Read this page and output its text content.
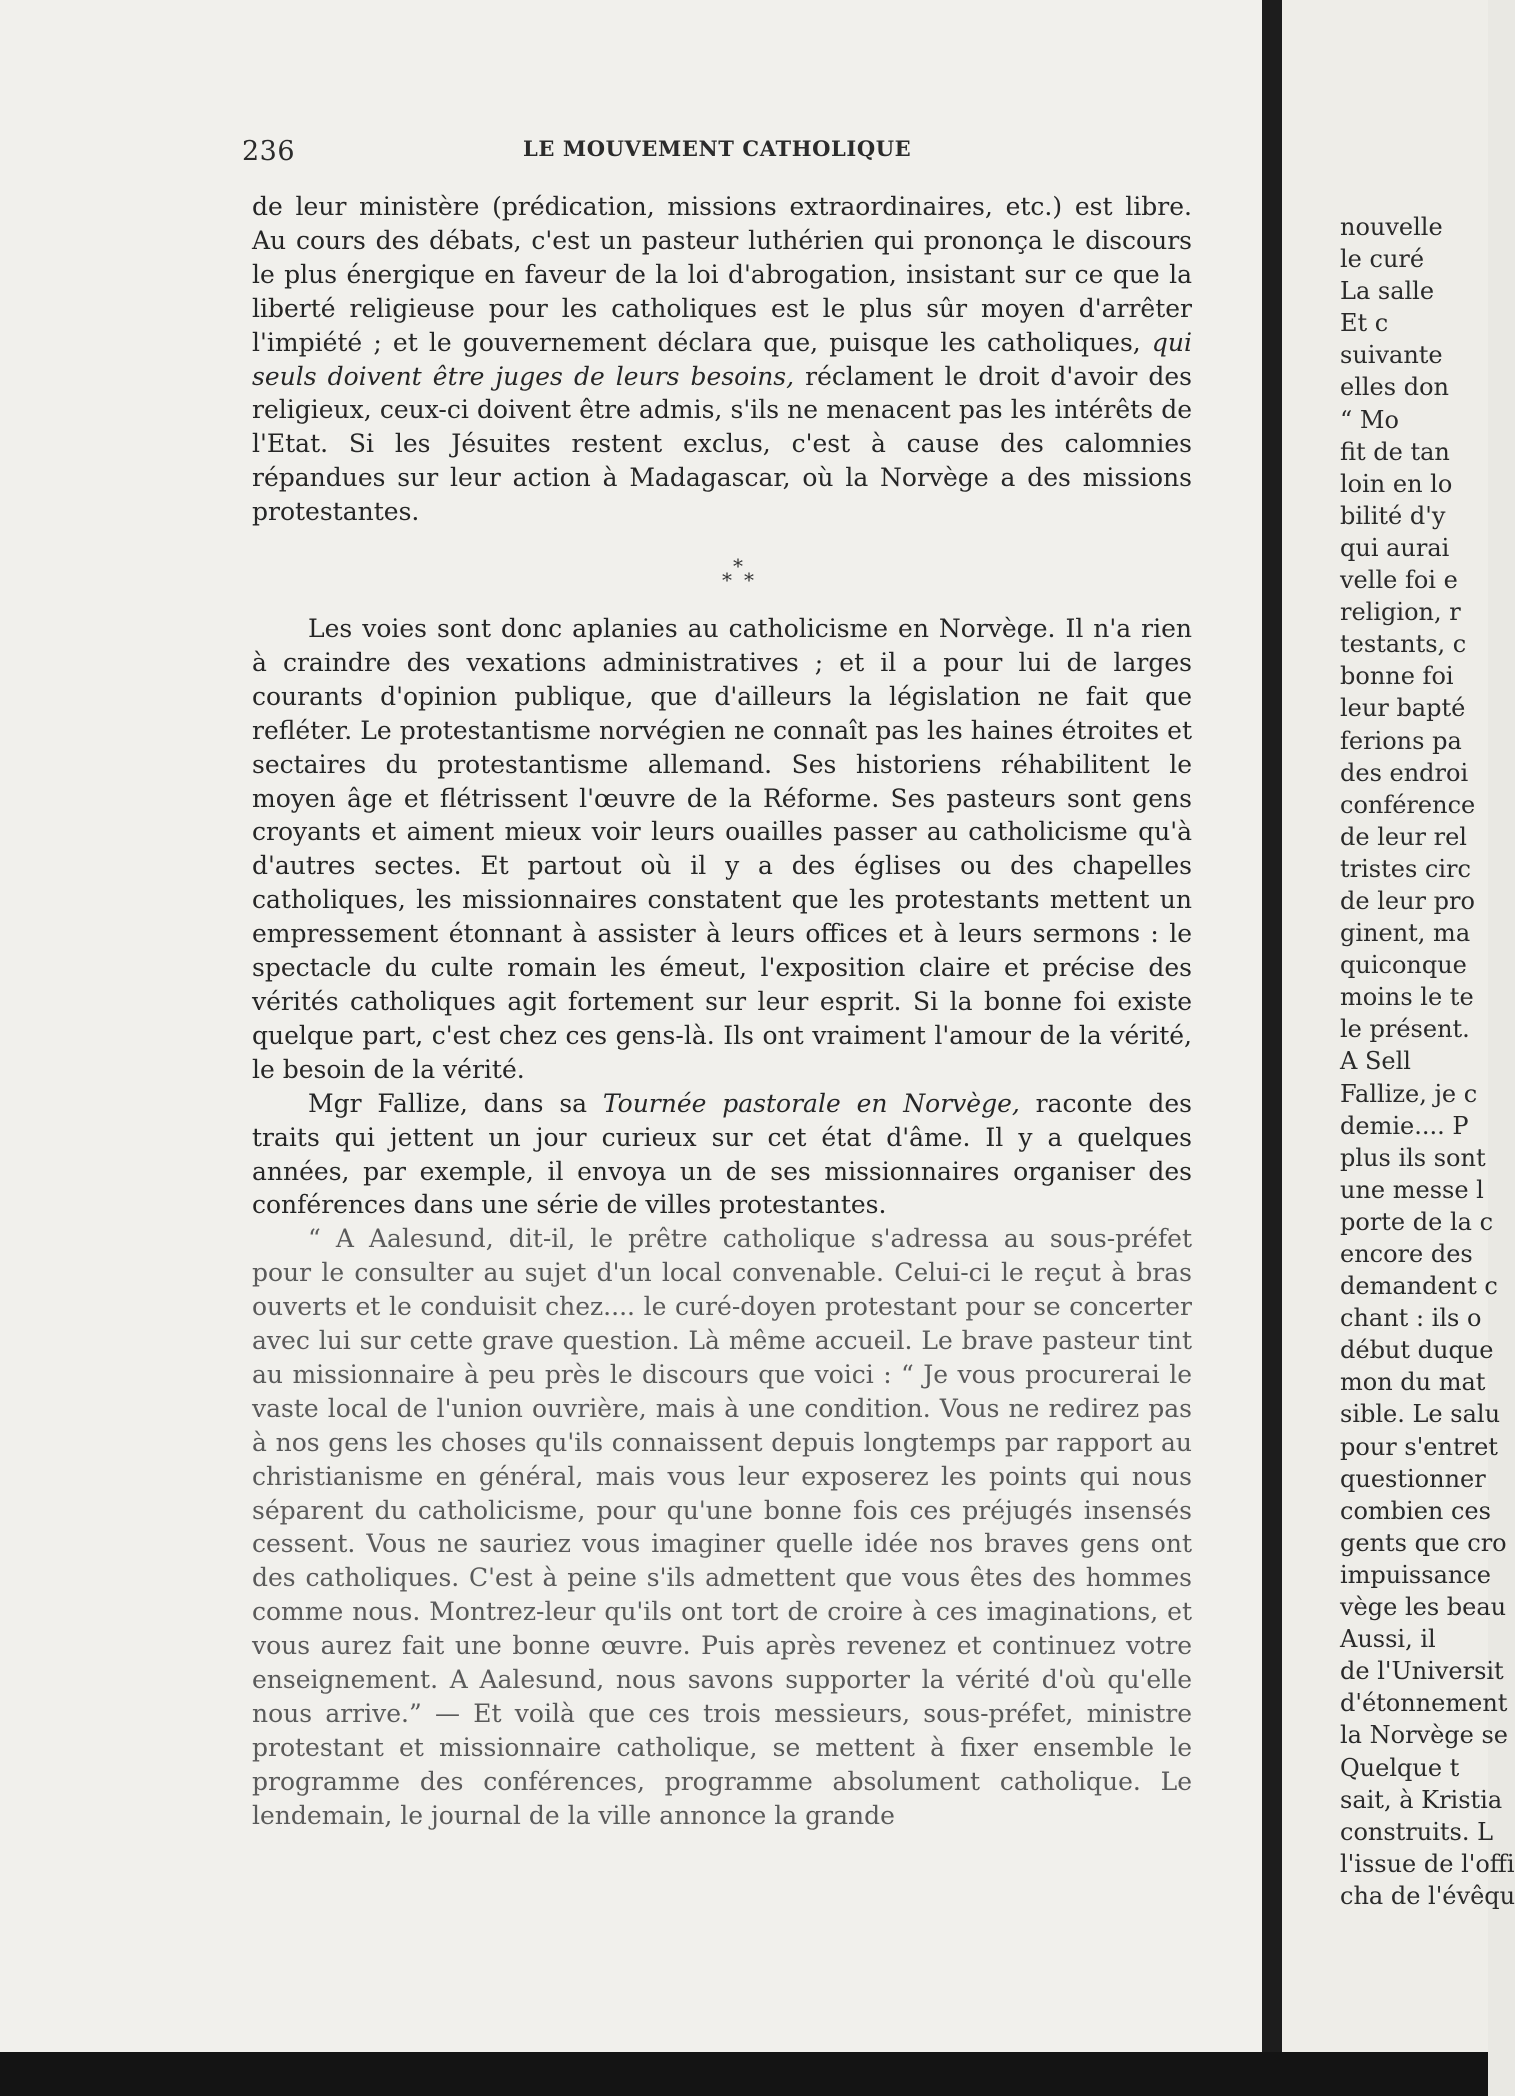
236	LE MOUVEMENT CATHOLIQUE

de leur ministère (prédication, missions extraordinaires, etc.) est libre. Au cours des débats, c'est un pasteur luthérien qui prononça le discours le plus énergique en faveur de la loi d'abrogation, insistant sur ce que la liberté religieuse pour les catholiques est le plus sûr moyen d'arrêter l'impiété ; et le gouvernement déclara que, puisque les catholiques, qui seuls doivent être juges de leurs besoins, réclament le droit d'avoir des religieux, ceux-ci doivent être admis, s'ils ne menacent pas les intérêts de l'Etat. Si les Jésuites restent exclus, c'est à cause des calomnies répandues sur leur action à Madagascar, où la Norvège a des missions protestantes.

*
* *

Les voies sont donc aplanies au catholicisme en Norvège. Il n'a rien à craindre des vexations administratives ; et il a pour lui de larges courants d'opinion publique, que d'ailleurs la législation ne fait que refléter. Le protestantisme norvégien ne connaît pas les haines étroites et sectaires du protestantisme allemand. Ses historiens réhabilitent le moyen âge et flétrissent l'œuvre de la Réforme. Ses pasteurs sont gens croyants et aiment mieux voir leurs ouailles passer au catholicisme qu'à d'autres sectes. Et partout où il y a des églises ou des chapelles catholiques, les missionnaires constatent que les protestants mettent un empressement étonnant à assister à leurs offices et à leurs sermons : le spectacle du culte romain les émeut, l'exposition claire et précise des vérités catholiques agit fortement sur leur esprit. Si la bonne foi existe quelque part, c'est chez ces gens-là. Ils ont vraiment l'amour de la vérité, le besoin de la vérité.

Mgr Fallize, dans sa Tournée pastorale en Norvège, raconte des traits qui jettent un jour curieux sur cet état d'âme. Il y a quelques années, par exemple, il envoya un de ses missionnaires organiser des conférences dans une série de villes protestantes.

“ A Aalesund, dit-il, le prêtre catholique s'adressa au sous-préfet pour le consulter au sujet d'un local convenable. Celui-ci le reçut à bras ouverts et le conduisit chez.... le curé-doyen protestant pour se concerter avec lui sur cette grave question. Là même accueil. Le brave pasteur tint au missionnaire à peu près le discours que voici : “ Je vous procurerai le vaste local de l'union ouvrière, mais à une condition. Vous ne redirez pas à nos gens les choses qu'ils connaissent depuis longtemps par rapport au christianisme en général, mais vous leur exposerez les points qui nous séparent du catholicisme, pour qu'une bonne fois ces préjugés insensés cessent. Vous ne sauriez vous imaginer quelle idée nos braves gens ont des catholiques. C'est à peine s'ils admettent que vous êtes des hommes comme nous. Montrez-leur qu'ils ont tort de croire à ces imaginations, et vous aurez fait une bonne œuvre. Puis après revenez et continuez votre enseignement. A Aalesund, nous savons supporter la vérité d'où qu'elle nous arrive.” — Et voilà que ces trois messieurs, sous-préfet, ministre protestant et missionnaire catholique, se mettent à fixer ensemble le programme des conférences, programme absolument catholique. Le lendemain, le journal de la ville annonce la grande

nouvelle
le curé
La salle
Et c
suivante
elles don
“ Mo
fit de tan
loin en lo
bilité d'y
qui aurai
velle foi e
religion, r
testants, c
bonne foi
leur bapté
ferions pa
des endroi
conférence
de leur rel
tristes circ
de leur pro
ginent, ma
quiconque
moins le te
le présent.
A Sell
Fallize, je c
demie.... P
plus ils sont
une messe l
porte de la c
encore des
demandent c
chant : ils o
début duque
mon du mat
sible. Le salu
pour s'entret
questionner
combien ces
gents que cro
impuissance
vège les beau
Aussi, il
de l'Universit
d'étonnement
la Norvège se
Quelque t
sait, à Kristia
construits. L
l'issue de l'offi
cha de l'évêqu
